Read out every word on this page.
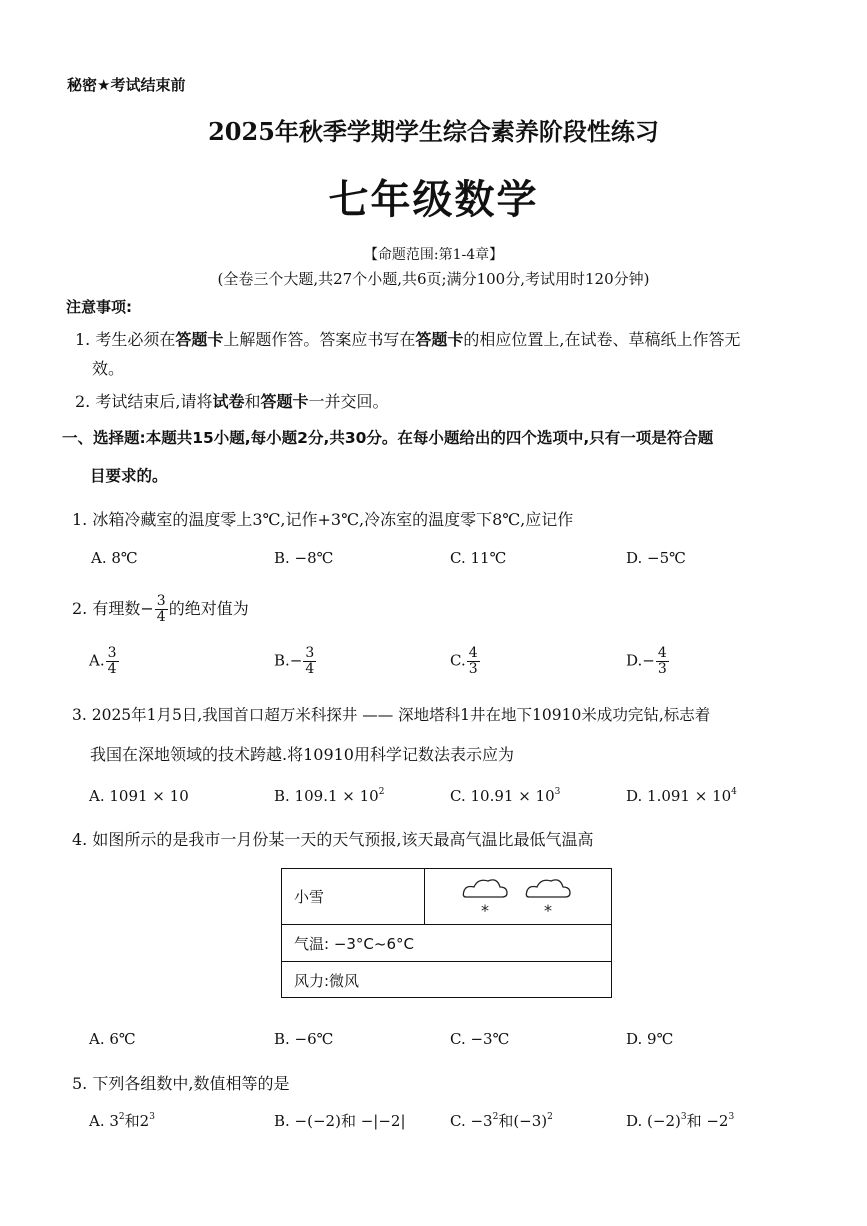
秘密★考试结束前
2025年秋季学期学生综合素养阶段性练习
七年级数学
【命题范围:第1-4章】
(全卷三个大题,共27个小题,共6页;满分100分,考试用时120分钟)
注意事项:
1. 考生必须在答题卡上解题作答。答案应书写在答题卡的相应位置上,在试卷、草稿纸上作答无
效。
2. 考试结束后,请将试卷和答题卡一并交回。
一、选择题:本题共15小题,每小题2分,共30分。在每小题给出的四个选项中,只有一项是符合题
目要求的。
1. 冰箱冷藏室的温度零上3℃,记作+3℃,冷冻室的温度零下8℃,应记作
A. 8℃	B. −8℃	C. 11℃	D. −5℃
2. 有理数− $\frac{3}{4}$ 的绝对值为
A. $\frac{3}{4}$	$B.- \frac{3}{4}$	C. $\frac{4}{3}$	$D.- \frac{4}{3}$
3. 2025年1月5日,我国首口超万米科探井 —— 深地塔科1井在地下10910米成功完钻,标志着
我国在深地领域的技术跨越.将10910用科学记数法表示应为
A. 1091 × 10	B. $109.1 \times 10^2$	C. $10.91 \times 10^3$	D. $1.091 \times 10^4$
4. 如图所示的是我市一月份某一天的天气预报,该天最高气温比最低气温高
小雪
*	*
气温: −3°C~6°C
风力:微风
A. 6℃	B. −6℃	C. −3℃	D. 9℃
5. 下列各组数中,数值相等的是
A. $3^2$和$2^3$	B. −(−2)和 −|−2|	C. $-3^2$和$(-3)^2$	D. $(-2)^3$和 $-2^3$
